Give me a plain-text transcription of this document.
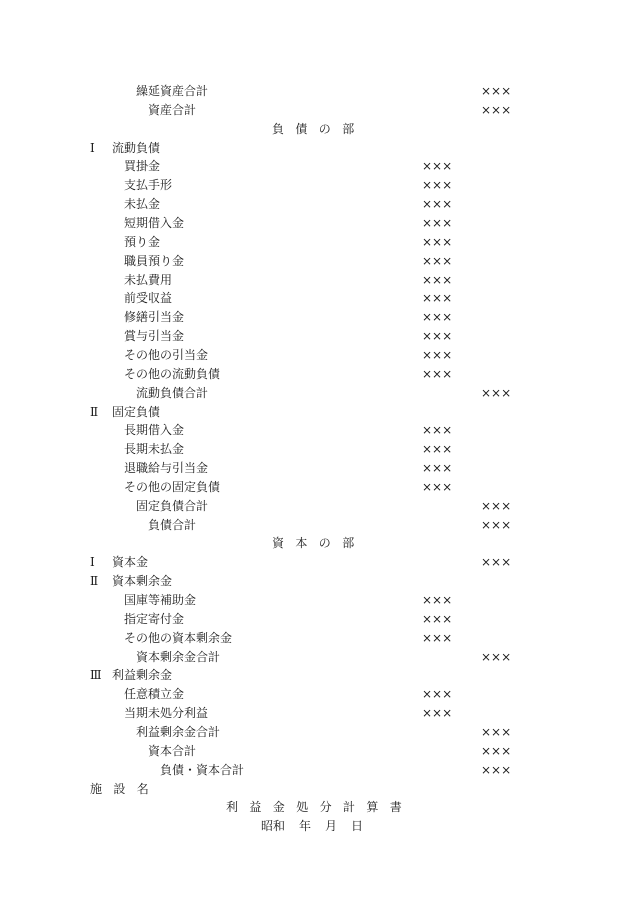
繰延資産合計	×××
資産合計	×××
負債の部
Ⅰ 流動負債
買掛金	×××
支払手形	×××
未払金	×××
短期借入金	×××
預り金	×××
職員預り金	×××
未払費用	×××
前受収益	×××
修繕引当金	×××
賞与引当金	×××
その他の引当金	×××
その他の流動負債	×××
流動負債合計	×××
Ⅱ 固定負債
長期借入金	×××
長期未払金	×××
退職給与引当金	×××
その他の固定負債	×××
固定負債合計	×××
負債合計	×××
資本の部
Ⅰ 資本金	×××
Ⅱ 資本剰余金
国庫等補助金	×××
指定寄付金	×××
その他の資本剰余金	×××
資本剰余金合計	×××
Ⅲ 利益剰余金
任意積立金	×××
当期未処分利益	×××
利益剰余金合計	×××
資本合計	×××
負債・資本合計	×××
施設名
利益金処分計算書
昭和 年 月 日
